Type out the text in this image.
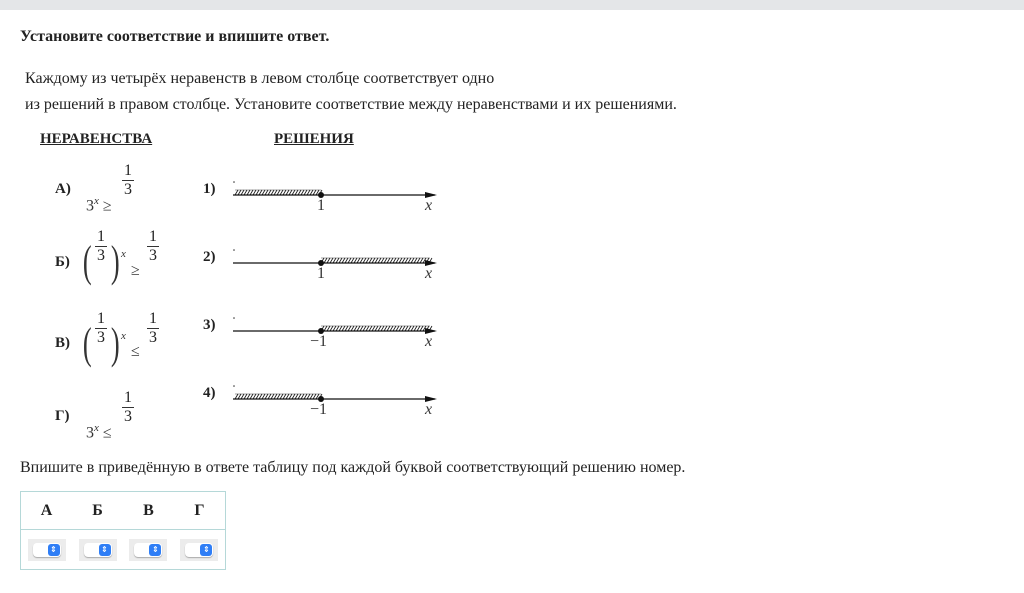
Установите соответствие и впишите ответ.
Каждому из четырёх неравенств в левом столбце соответствует одно
из решений в правом столбце. Установите соответствие между неравенствами и их решениями.
НЕРАВЕНСТВА	РЕШЕНИЯ
А)
$3^x$ ≥
$\frac{1}{3}$
Б) ( $\frac{1}{3}$ ) x
≥
$\frac{1}{3}$
В) ( $\frac{1}{3}$ ) x
≤
$\frac{1}{3}$
Г)
$3^x$ ≤
$\frac{1}{3}$
1)
1	x
2)
1	x
3)
−1	x
4)
−1	x
Впишите в приведённую в ответе таблицу под каждой буквой соответствующий решению номер.
А	Б	В	Г

⇕	⇕	⇕	⇕
